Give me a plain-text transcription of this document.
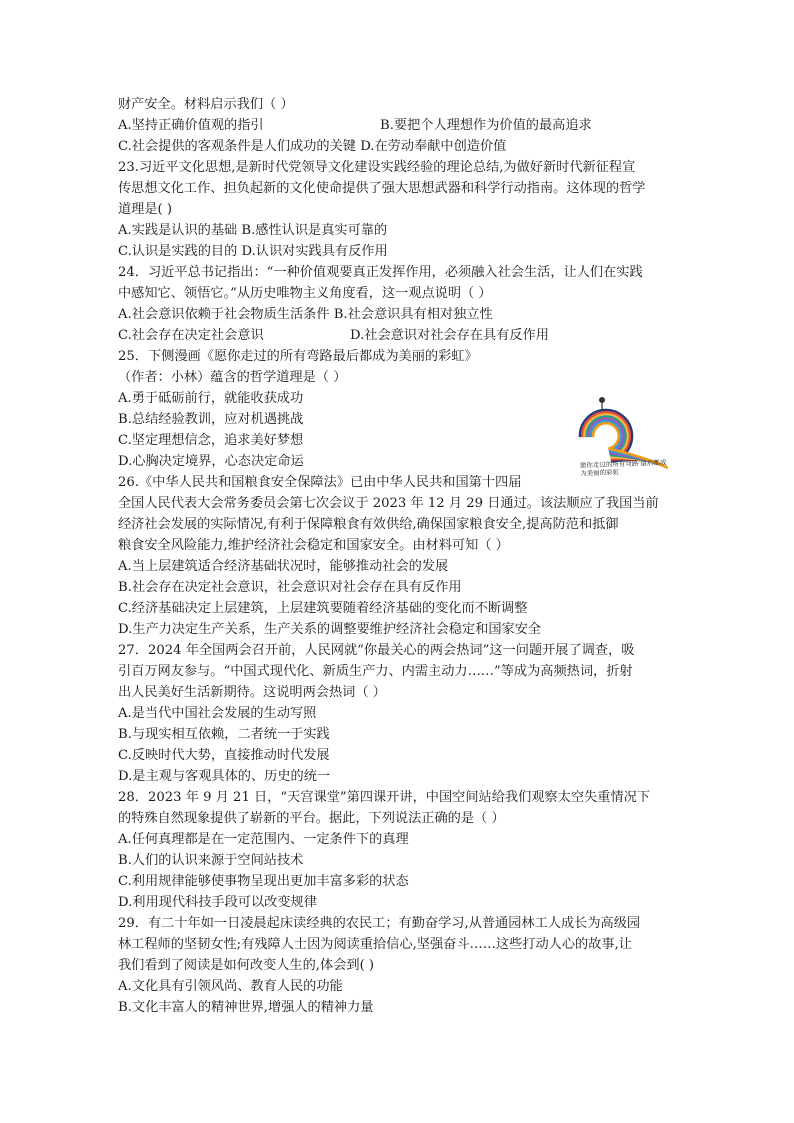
财产安全。材料启示我们（ ）
A.坚持正确价值观的指引	B.要把个人理想作为价值的最高追求
C.社会提供的客观条件是人们成功的关键 D.在劳动奉献中创造价值
23.习近平文化思想,是新时代党领导文化建设实践经验的理论总结,为做好新时代新征程宣
传思想文化工作、担负起新的文化使命提供了强大思想武器和科学行动指南。这体现的哲学
道理是( )
A.实践是认识的基础 B.感性认识是真实可靠的
C.认识是实践的目的 D.认识对实践具有反作用
24．习近平总书记指出：“一种价值观要真正发挥作用，必须融入社会生活，让人们在实践
中感知它、领悟它。”从历史唯物主义角度看，这一观点说明（ ）
A.社会意识依赖于社会物质生活条件 B.社会意识具有相对独立性
C.社会存在决定社会意识	D.社会意识对社会存在具有反作用
25．下侧漫画《愿你走过的所有弯路最后都成为美丽的彩虹》
（作者：小林）蕴含的哲学道理是（ ）
A.勇于砥砺前行，就能收获成功
B.总结经验教训，应对机遇挑战
C.坚定理想信念，追求美好梦想
D.心胸决定境界，心态决定命运
26.《中华人民共和国粮食安全保障法》已由中华人民共和国第十四届
全国人民代表大会常务委员会第七次会议于 2023 年 12 月 29 日通过。该法顺应了我国当前
经济社会发展的实际情况,有利于保障粮食有效供给,确保国家粮食安全,提高防范和抵御
粮食安全风险能力,维护经济社会稳定和国家安全。由材料可知（ ）
A.当上层建筑适合经济基础状况时，能够推动社会的发展
B.社会存在决定社会意识，社会意识对社会存在具有反作用
C.经济基础决定上层建筑，上层建筑要随着经济基础的变化而不断调整
D.生产力决定生产关系，生产关系的调整要维护经济社会稳定和国家安全
27．2024 年全国两会召开前，人民网就“你最关心的两会热词”这一问题开展了调查，吸
引百万网友参与。“中国式现代化、新质生产力、内需主动力……”等成为高频热词，折射
出人民美好生活新期待。这说明两会热词（ ）
A.是当代中国社会发展的生动写照
B.与现实相互依赖，二者统一于实践
C.反映时代大势，直接推动时代发展
D.是主观与客观具体的、历史的统一
28．2023 年 9 月 21 日，“天宫课堂”第四课开讲，中国空间站给我们观察太空失重情况下
的特殊自然现象提供了崭新的平台。据此，下列说法正确的是（ ）
A.任何真理都是在一定范围内、一定条件下的真理
B.人们的认识来源于空间站技术
C.利用规律能够使事物呈现出更加丰富多彩的状态
D.利用现代科技手段可以改变规律
29．有二十年如一日凌晨起床读经典的农民工；有勤奋学习,从普通园林工人成长为高级园
林工程师的坚韧女性;有残障人士因为阅读重拾信心,坚强奋斗……这些打动人心的故事,让
我们看到了阅读是如何改变人生的,体会到( )
A.文化具有引领风尚、教育人民的功能
B.文化丰富人的精神世界,增强人的精神力量
愿你走过的所有弯路 最后都成为美丽的彩虹
